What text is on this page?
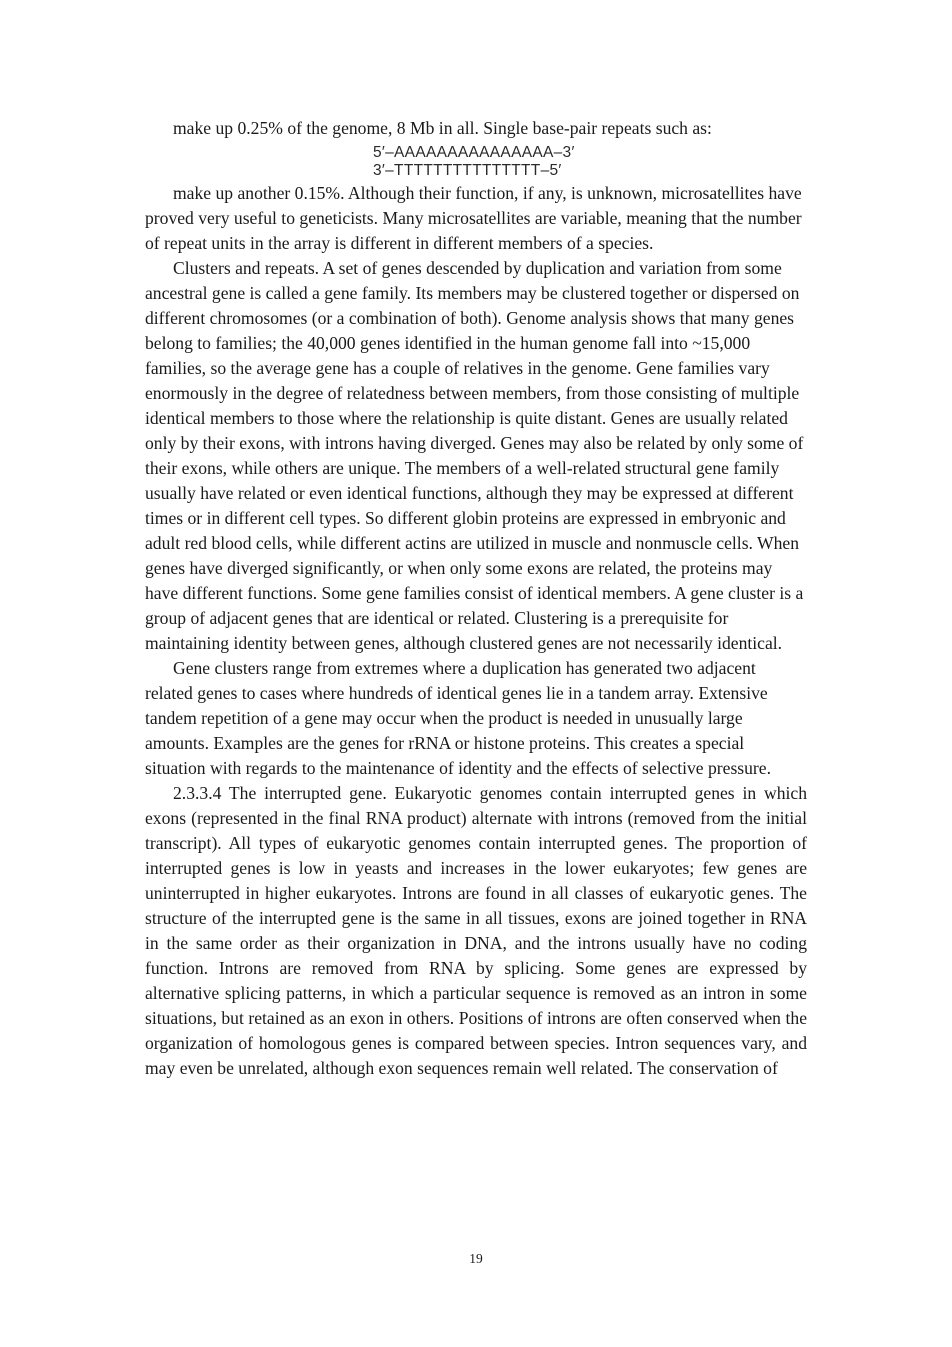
make up 0.25% of the genome, 8 Mb in all. Single base-pair repeats such as:

5′–AAAAAAAAAAAAAAA–3′
3′–TTTTTTTTTTTTTTT–5′

make up another 0.15%. Although their function, if any, is unknown, microsatellites have proved very useful to geneticists. Many microsatellites are variable, meaning that the number of repeat units in the array is different in different members of a species.

Clusters and repeats. A set of genes descended by duplication and variation from some ancestral gene is called a gene family. Its members may be clustered together or dispersed on different chromosomes (or a combination of both). Genome analysis shows that many genes belong to families; the 40,000 genes identified in the human genome fall into ~15,000 families, so the average gene has a couple of relatives in the genome. Gene families vary enormously in the degree of relatedness between members, from those consisting of multiple identical members to those where the relationship is quite distant. Genes are usually related only by their exons, with introns having diverged. Genes may also be related by only some of their exons, while others are unique. The members of a well-related structural gene family usually have related or even identical functions, although they may be expressed at different times or in different cell types. So different globin proteins are expressed in embryonic and adult red blood cells, while different actins are utilized in muscle and nonmuscle cells. When genes have diverged significantly, or when only some exons are related, the proteins may have different functions. Some gene families consist of identical members. A gene cluster is a group of adjacent genes that are identical or related. Clustering is a prerequisite for maintaining identity between genes, although clustered genes are not necessarily identical.

Gene clusters range from extremes where a duplication has generated two adjacent related genes to cases where hundreds of identical genes lie in a tandem array. Extensive tandem repetition of a gene may occur when the product is needed in unusually large amounts. Examples are the genes for rRNA or histone proteins. This creates a special situation with regards to the maintenance of identity and the effects of selective pressure.

2.3.3.4 The interrupted gene. Eukaryotic genomes contain interrupted genes in which exons (represented in the final RNA product) alternate with introns (removed from the initial transcript). All types of eukaryotic genomes contain interrupted genes. The proportion of interrupted genes is low in yeasts and increases in the lower eukaryotes; few genes are uninterrupted in higher eukaryotes. Introns are found in all classes of eukaryotic genes. The structure of the interrupted gene is the same in all tissues, exons are joined together in RNA in the same order as their organization in DNA, and the introns usually have no coding function. Introns are removed from RNA by splicing. Some genes are expressed by alternative splicing patterns, in which a particular sequence is removed as an intron in some situations, but retained as an exon in others. Positions of introns are often conserved when the organization of homologous genes is compared between species. Intron sequences vary, and may even be unrelated, although exon sequences remain well related. The conservation of

19
